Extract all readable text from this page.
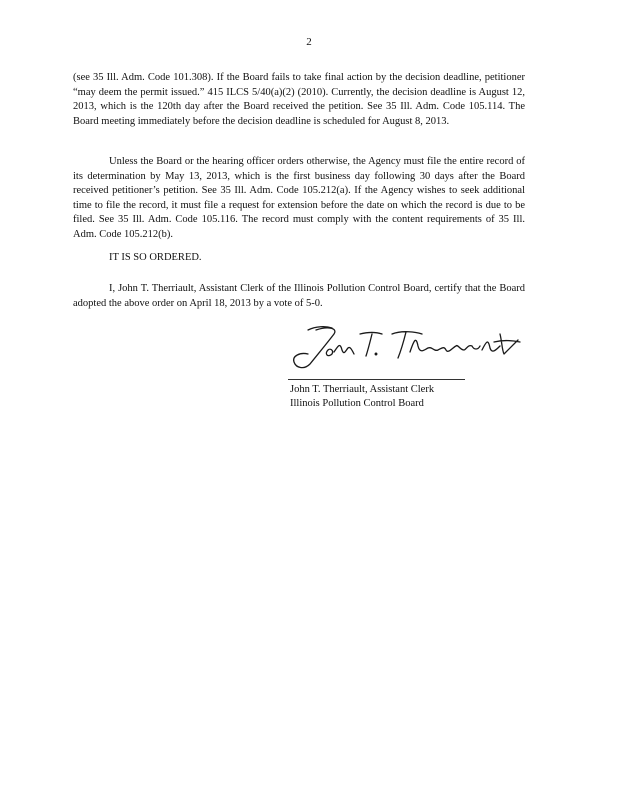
2

(see 35 Ill. Adm. Code 101.308). If the Board fails to take final action by the decision deadline, petitioner “may deem the permit issued.” 415 ILCS 5/40(a)(2) (2010). Currently, the decision deadline is August 12, 2013, which is the 120th day after the Board received the petition. See 35 Ill. Adm. Code 105.114. The Board meeting immediately before the decision deadline is scheduled for August 8, 2013.

Unless the Board or the hearing officer orders otherwise, the Agency must file the entire record of its determination by May 13, 2013, which is the first business day following 30 days after the Board received petitioner’s petition. See 35 Ill. Adm. Code 105.212(a). If the Agency wishes to seek additional time to file the record, it must file a request for extension before the date on which the record is due to be filed. See 35 Ill. Adm. Code 105.116. The record must comply with the content requirements of 35 Ill. Adm. Code 105.212(b).

IT IS SO ORDERED.

I, John T. Therriault, Assistant Clerk of the Illinois Pollution Control Board, certify that the Board adopted the above order on April 18, 2013 by a vote of 5-0.

John T. Therriault, Assistant Clerk
Illinois Pollution Control Board
